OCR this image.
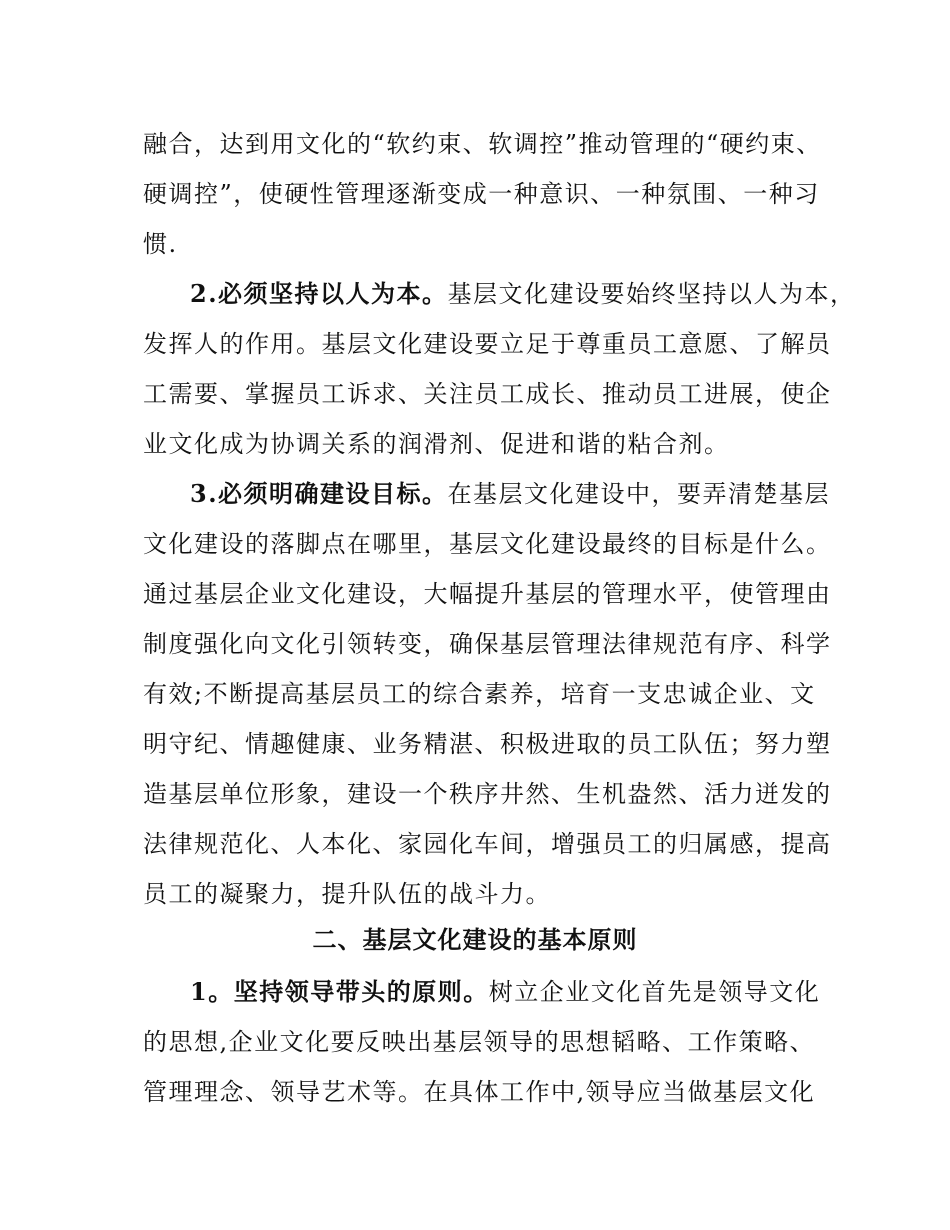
融合，达到用文化的“软约束、软调控”推动管理的“硬约束、
硬调控”，使硬性管理逐渐变成一种意识、一种氛围、一种习
惯.
2.必须坚持以人为本。基层文化建设要始终坚持以人为本，
发挥人的作用。基层文化建设要立足于尊重员工意愿、了解员
工需要、掌握员工诉求、关注员工成长、推动员工进展，使企
业文化成为协调关系的润滑剂、促进和谐的粘合剂。
3.必须明确建设目标。在基层文化建设中，要弄清楚基层
文化建设的落脚点在哪里，基层文化建设最终的目标是什么。
通过基层企业文化建设，大幅提升基层的管理水平，使管理由
制度强化向文化引领转变，确保基层管理法律规范有序、科学
有效;不断提高基层员工的综合素养，培育一支忠诚企业、文
明守纪、情趣健康、业务精湛、积极进取的员工队伍；努力塑
造基层单位形象，建设一个秩序井然、生机盎然、活力迸发的
法律规范化、人本化、家园化车间，增强员工的归属感，提高
员工的凝聚力，提升队伍的战斗力。
二、基层文化建设的基本原则
1。坚持领导带头的原则。树立企业文化首先是领导文化
的思想,企业文化要反映出基层领导的思想韬略、工作策略、
管理理念、领导艺术等。在具体工作中,领导应当做基层文化
